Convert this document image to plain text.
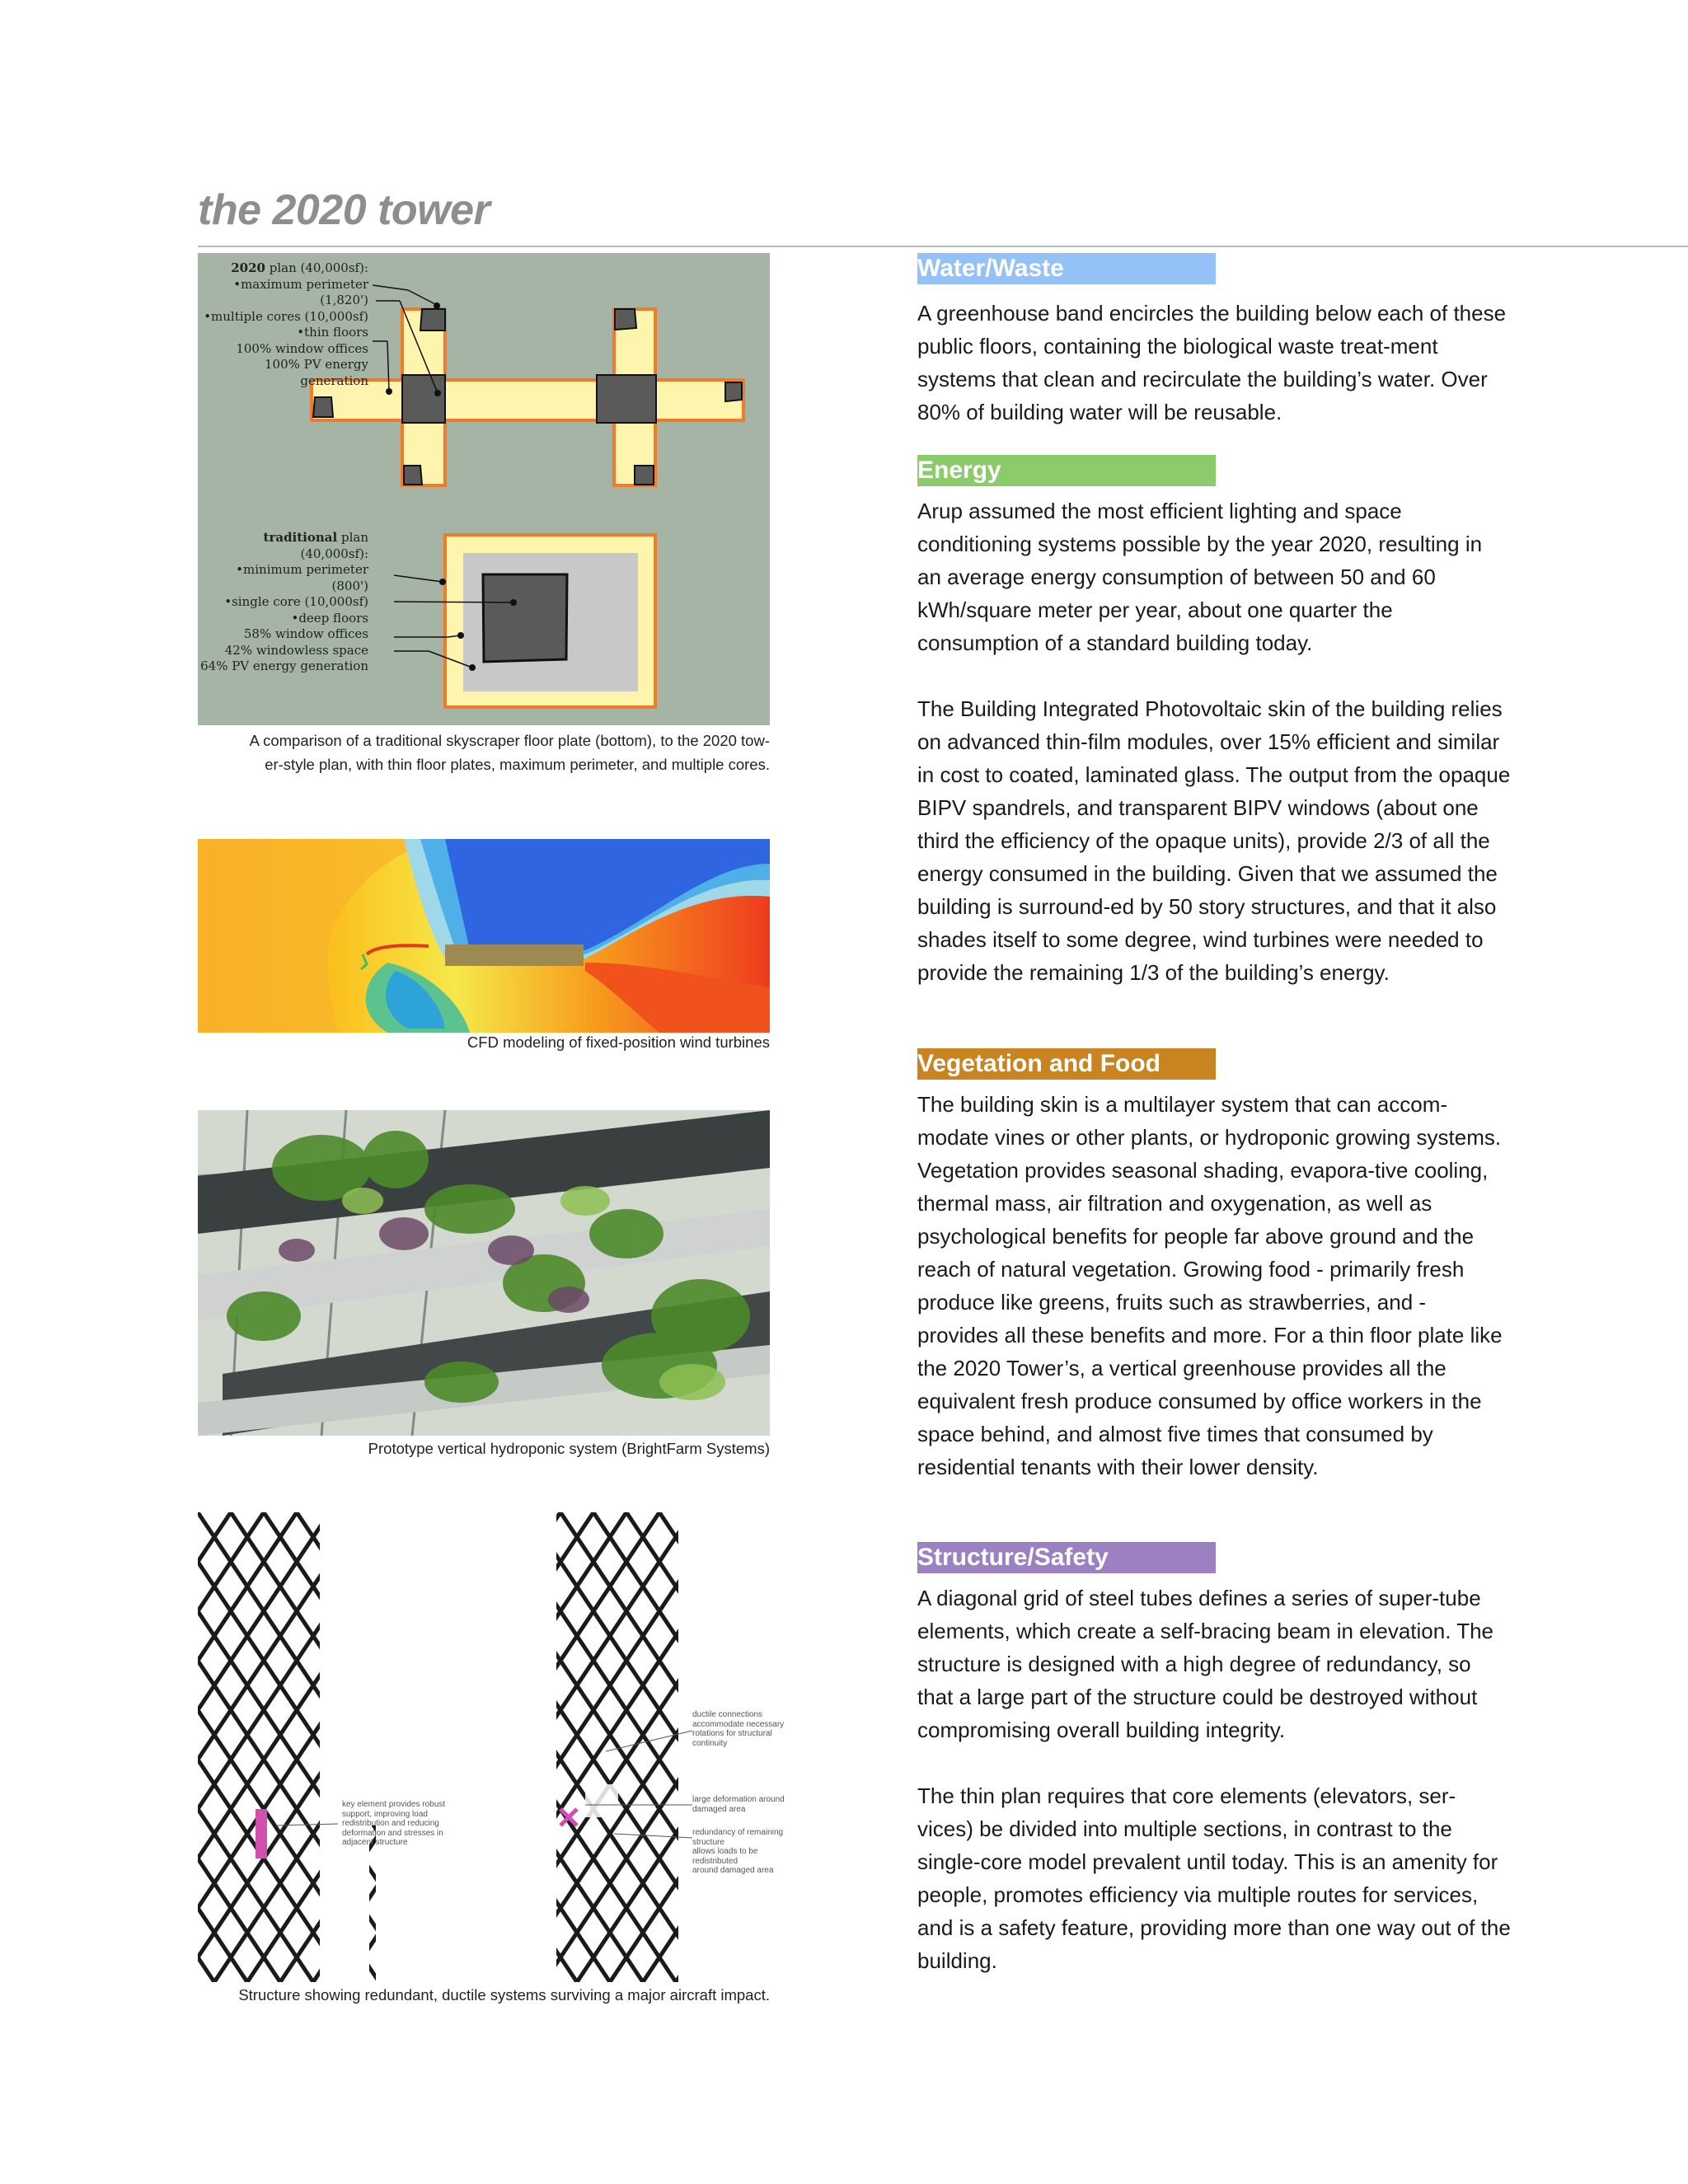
the 2020 tower
2020 plan (40,000sf):
•maximum perimeter (1,820')
•multiple cores (10,000sf)
•thin floors
100% window offices
100% PV energy generation
traditional plan (40,000sf):
•minimum perimeter (800')
•single core (10,000sf)
•deep floors
58% window offices
42% windowless space
64% PV energy generation
A comparison of a traditional skyscraper floor plate (bottom), to the 2020 tow-
er-style plan, with thin floor plates, maximum perimeter, and multiple cores.
CFD modeling of fixed-position wind turbines
Prototype vertical hydroponic system (BrightFarm Systems)
key element provides robust
support, improving load
redistribution and reducing
deformation and stresses in
adjacent structure
ductile connections
accommodate necessary
rotations for structural
continuity
large deformation around
damaged area
redundancy of remaining structure
allows loads to be redistributed
around damaged area
Structure showing redundant, ductile systems surviving a major aircraft impact.
Water/Waste

A greenhouse band encircles the building below each of these public floors, containing the biological waste treat-ment systems that clean and recirculate the building’s water. Over 80% of building water will be reusable.

Energy

Arup assumed the most efficient lighting and space conditioning systems possible by the year 2020, resulting in an average energy consumption of between 50 and 60 kWh/square meter per year, about one quarter the consumption of a standard building today.

The Building Integrated Photovoltaic skin of the building relies on advanced thin-film modules, over 15% efficient and similar in cost to coated, laminated glass. The output from the opaque BIPV spandrels, and transparent BIPV windows (about one third the efficiency of the opaque units), provide 2/3 of all the energy consumed in the building. Given that we assumed the building is surround-ed by 50 story structures, and that it also shades itself to some degree, wind turbines were needed to provide the remaining 1/3 of the building’s energy.

Vegetation and Food

The building skin is a multilayer system that can accom-modate vines or other plants, or hydroponic growing systems. Vegetation provides seasonal shading, evapora-tive cooling, thermal mass, air filtration and oxygenation, as well as psychological benefits for people far above ground and the reach of natural vegetation. Growing food - primarily fresh produce like greens, fruits such as strawberries, and - provides all these benefits and more. For a thin floor plate like the 2020 Tower’s, a vertical greenhouse provides all the equivalent fresh produce consumed by office workers in the space behind, and almost five times that consumed by residential tenants with their lower density.

Structure/Safety

A diagonal grid of steel tubes defines a series of super-tube elements, which create a self-bracing beam in elevation. The structure is designed with a high degree of redundancy, so that a large part of the structure could be destroyed without compromising overall building integrity.

The thin plan requires that core elements (elevators, ser-vices) be divided into multiple sections, in contrast to the single-core model prevalent until today. This is an amenity for people, promotes efficiency via multiple routes for services, and is a safety feature, providing more than one way out of the building.
